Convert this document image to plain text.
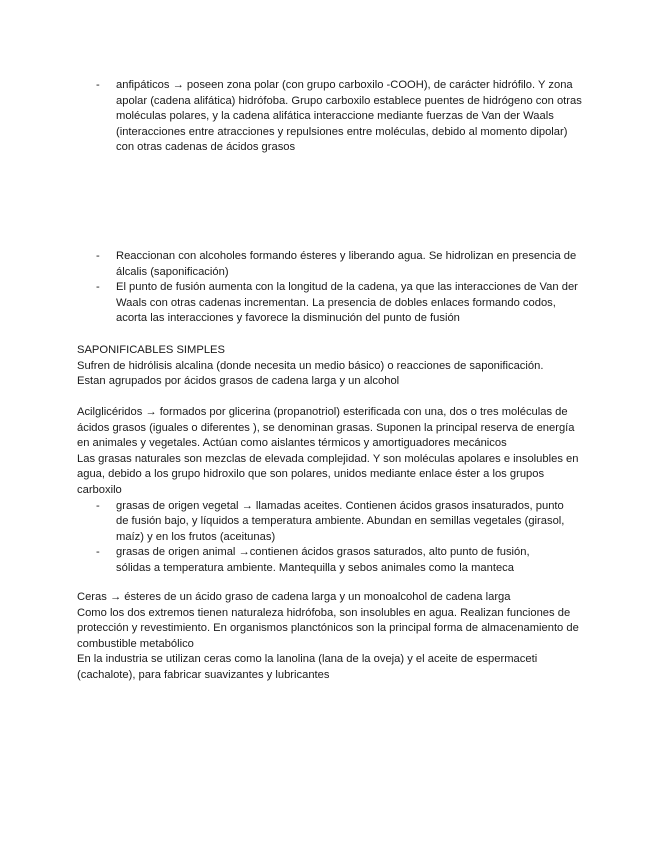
- anfipáticos → poseen zona polar (con grupo carboxilo -COOH), de carácter hidrófilo. Y zona apolar (cadena alifática) hidrófoba. Grupo carboxilo establece puentes de hidrógeno con otras moléculas polares, y la cadena alifática interaccione mediante fuerzas de Van der Waals (interacciones entre atracciones y repulsiones entre moléculas, debido al momento dipolar) con otras cadenas de ácidos grasos
- Reaccionan con alcoholes formando ésteres y liberando agua. Se hidrolizan en presencia de álcalis (saponificación)
- El punto de fusión aumenta con la longitud de la cadena, ya que las interacciones de Van der Waals con otras cadenas incrementan. La presencia de dobles enlaces formando codos, acorta las interacciones y favorece la disminución del punto de fusión

SAPONIFICABLES SIMPLES

Sufren de hidrólisis alcalina (donde necesita un medio básico) o reacciones de saponificación.

Estan agrupados por ácidos grasos de cadena larga y un alcohol

Acilglicéridos → formados por glicerina (propanotriol) esterificada con una, dos o tres moléculas de ácidos grasos (iguales o diferentes ), se denominan grasas. Suponen la principal reserva de energía en animales y vegetales. Actúan como aislantes térmicos y amortiguadores mecánicos

Las grasas naturales son mezclas de elevada complejidad. Y son moléculas apolares e insolubles en agua, debido a los grupo hidroxilo que son polares, unidos mediante enlace éster a los grupos carboxilo

- grasas de origen vegetal → llamadas aceites. Contienen ácidos grasos insaturados, punto de fusión bajo, y líquidos a temperatura ambiente. Abundan en semillas vegetales (girasol, maíz) y en los frutos (aceitunas)
- grasas de origen animal →contienen ácidos grasos saturados, alto punto de fusión, sólidas a temperatura ambiente. Mantequilla y sebos animales como la manteca

Ceras → ésteres de un ácido graso de cadena larga y un monoalcohol de cadena larga

Como los dos extremos tienen naturaleza hidrófoba, son insolubles en agua. Realizan funciones de protección y revestimiento. En organismos planctónicos son la principal forma de almacenamiento de combustible metabólico

En la industria se utilizan ceras como la lanolina (lana de la oveja) y el aceite de espermaceti (cachalote), para fabricar suavizantes y lubricantes
